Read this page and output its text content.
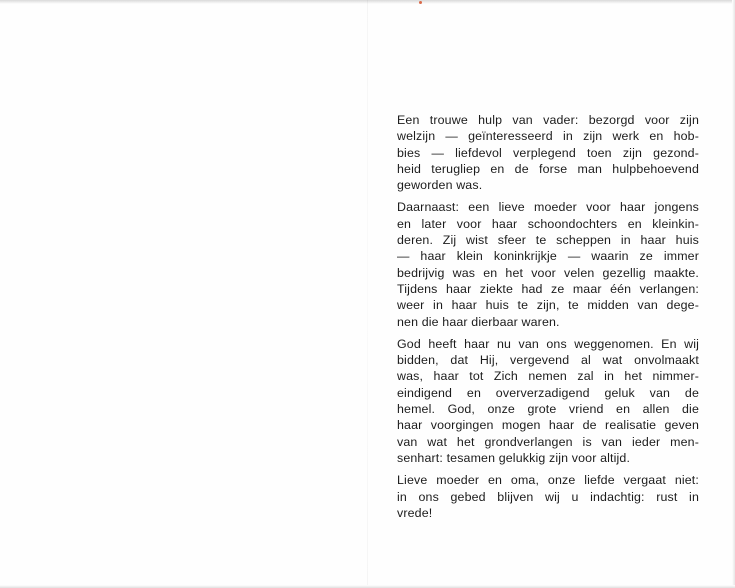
Een trouwe hulp van vader: bezorgd voor zijn
welzijn — geïnteresseerd in zijn werk en hob-
bies — liefdevol verplegend toen zijn gezond-
heid terugliep en de forse man hulpbehoevend
geworden was.

Daarnaast: een lieve moeder voor haar jongens
en later voor haar schoondochters en kleinkin-
deren. Zij wist sfeer te scheppen in haar huis
— haar klein koninkrijkje — waarin ze immer
bedrijvig was en het voor velen gezellig maakte.
Tijdens haar ziekte had ze maar één verlangen:
weer in haar huis te zijn, te midden van dege-
nen die haar dierbaar waren.

God heeft haar nu van ons weggenomen. En wij
bidden, dat Hij, vergevend al wat onvolmaakt
was, haar tot Zich nemen zal in het nimmer-
eindigend en oververzadigend geluk van de
hemel. God, onze grote vriend en allen die
haar voorgingen mogen haar de realisatie geven
van wat het grondverlangen is van ieder men-
senhart: tesamen gelukkig zijn voor altijd.

Lieve moeder en oma, onze liefde vergaat niet:
in ons gebed blijven wij u indachtig: rust in
vrede!
